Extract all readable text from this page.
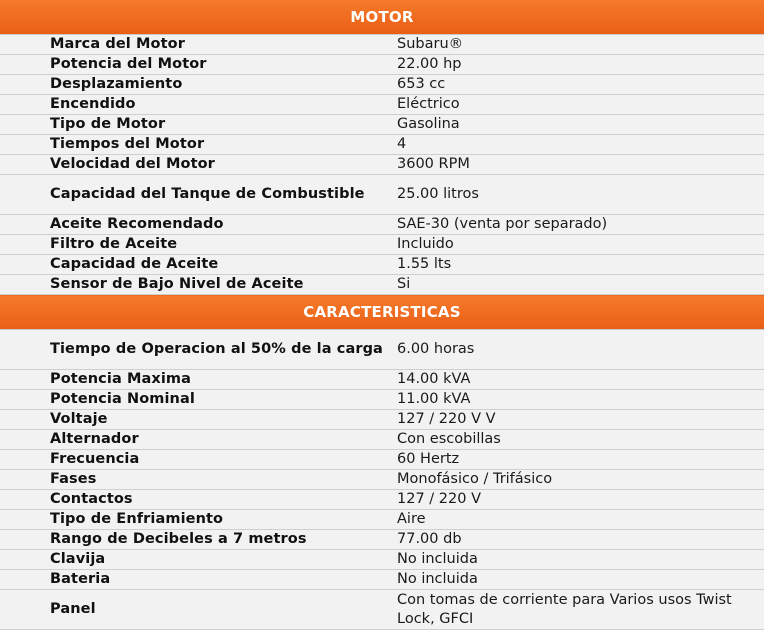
MOTOR	
Marca del Motor	Subaru®
Potencia del Motor	22.00 hp
Desplazamiento	653 cc
Encendido	Eléctrico
Tipo de Motor	Gasolina
Tiempos del Motor	4
Velocidad del Motor	3600 RPM
Capacidad del Tanque de Combustible	25.00 litros
Aceite Recomendado	SAE-30 (venta por separado)
Filtro de Aceite	Incluido
Capacidad de Aceite	1.55 lts
Sensor de Bajo Nivel de Aceite	Si
CARACTERISTICAS	
Tiempo de Operacion al 50% de la carga	6.00 horas
Potencia Maxima	14.00 kVA
Potencia Nominal	11.00 kVA
Voltaje	127 / 220 V V
Alternador	Con escobillas
Frecuencia	60 Hertz
Fases	Monofásico / Trifásico
Contactos	127 / 220 V
Tipo de Enfriamiento	Aire
Rango de Decibeles a 7 metros	77.00 db
Clavija	No incluida
Bateria	No incluida
Panel	Con tomas de corriente para Varios usos Twist Lock, GFCI
